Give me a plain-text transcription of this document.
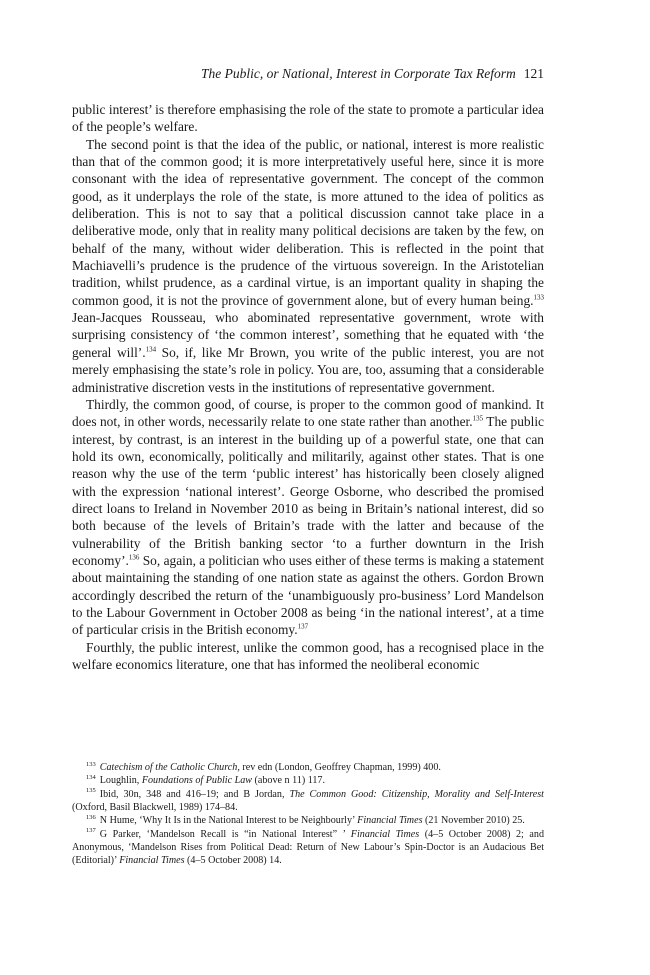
The Public, or National, Interest in Corporate Tax Reform 121

public interest’ is therefore emphasising the role of the state to promote a particular idea of the people’s welfare.

The second point is that the idea of the public, or national, interest is more realistic than that of the common good; it is more interpretatively useful here, since it is more consonant with the idea of representative government. The concept of the common good, as it underplays the role of the state, is more attuned to the idea of politics as deliberation. This is not to say that a political discussion cannot take place in a deliberative mode, only that in reality many political decisions are taken by the few, on behalf of the many, without wider deliberation. This is reflected in the point that Machiavelli’s prudence is the prudence of the virtuous sovereign. In the Aristotelian tradition, whilst prudence, as a cardinal virtue, is an important quality in shaping the common good, it is not the province of government alone, but of every human being.$^{133}$ Jean-Jacques Rousseau, who abominated representative government, wrote with surprising consistency of ‘the common interest’, something that he equated with ‘the general will’.$^{134}$ So, if, like Mr Brown, you write of the public interest, you are not merely emphasising the state’s role in policy. You are, too, assuming that a considerable administrative discretion vests in the institutions of representative government.

Thirdly, the common good, of course, is proper to the common good of mankind. It does not, in other words, necessarily relate to one state rather than another.$^{135}$ The public interest, by contrast, is an interest in the building up of a powerful state, one that can hold its own, economically, politically and militarily, against other states. That is one reason why the use of the term ‘public interest’ has historically been closely aligned with the expression ‘national interest’. George Osborne, who described the promised direct loans to Ireland in November 2010 as being in Britain’s national interest, did so both because of the levels of Britain’s trade with the latter and because of the vulnerability of the British banking sector ‘to a further downturn in the Irish economy’.$^{136}$ So, again, a politician who uses either of these terms is making a statement about maintaining the standing of one nation state as against the others. Gordon Brown accordingly described the return of the ‘unambiguously pro-business’ Lord Mandelson to the Labour Government in October 2008 as being ‘in the national interest’, at a time of particular crisis in the British economy.$^{137}$

Fourthly, the public interest, unlike the common good, has a recognised place in the welfare economics literature, one that has informed the neoliberal economic

$^{133}$ Catechism of the Catholic Church, rev edn (London, Geoffrey Chapman, 1999) 400.

$^{134}$ Loughlin, Foundations of Public Law (above n 11) 117.

$^{135}$ Ibid, 30n, 348 and 416–19; and B Jordan, The Common Good: Citizenship, Morality and Self-Interest (Oxford, Basil Blackwell, 1989) 174–84.

$^{136}$ N Hume, ‘Why It Is in the National Interest to be Neighbourly’ Financial Times (21 November 2010) 25.

$^{137}$ G Parker, ‘Mandelson Recall is “in National Interest” ’ Financial Times (4–5 October 2008) 2; and Anonymous, ‘Mandelson Rises from Political Dead: Return of New Labour’s Spin-Doctor is an Audacious Bet (Editorial)’ Financial Times (4–5 October 2008) 14.
